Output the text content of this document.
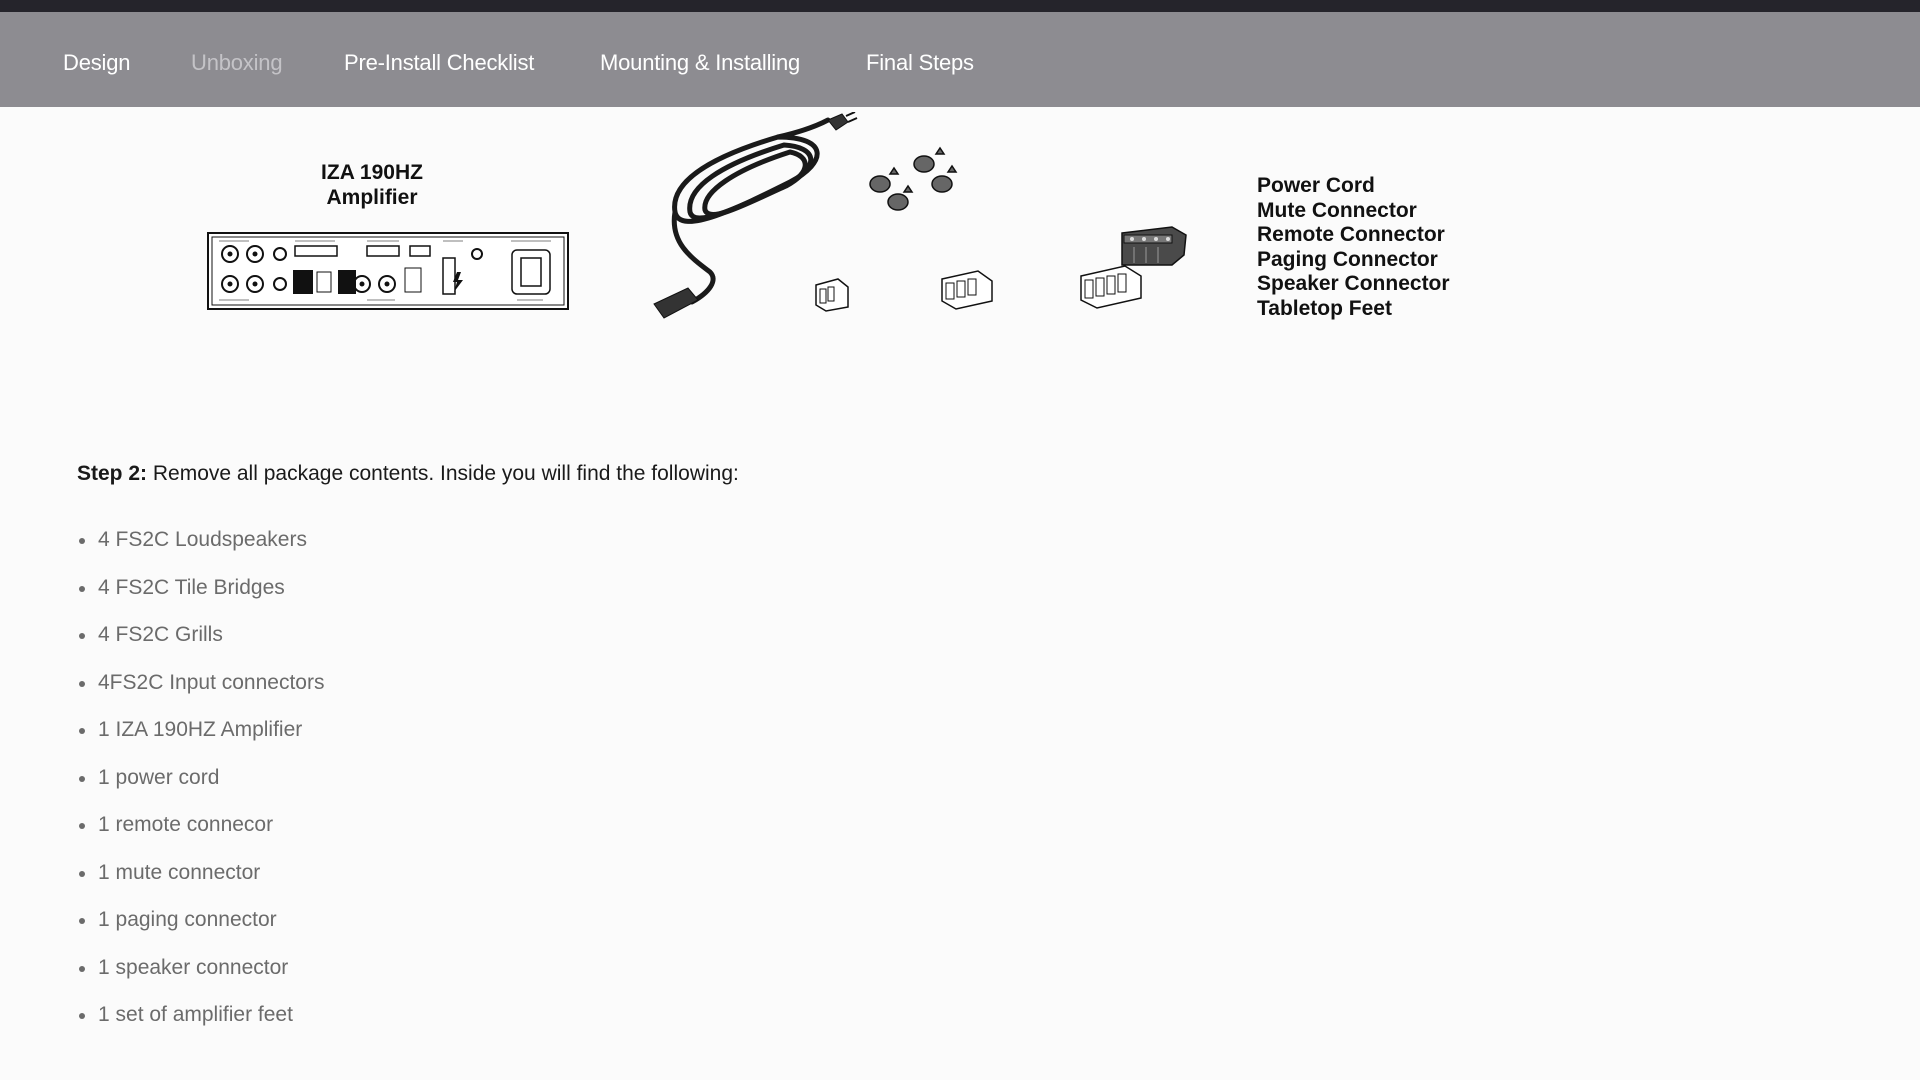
Design	Unboxing	Pre-Install Checklist	Mounting & Installing	Final Steps
IZA 190HZ
Amplifier
Power Cord
Mute Connector
Remote Connector
Paging Connector
Speaker Connector
Tabletop Feet
Step 2: Remove all package contents. Inside you will find the following:
4 FS2C Loudspeakers
4 FS2C Tile Bridges
4 FS2C Grills
4FS2C Input connectors
1 IZA 190HZ Amplifier
1 power cord
1 remote connecor
1 mute connector
1 paging connector
1 speaker connector
1 set of amplifier feet
